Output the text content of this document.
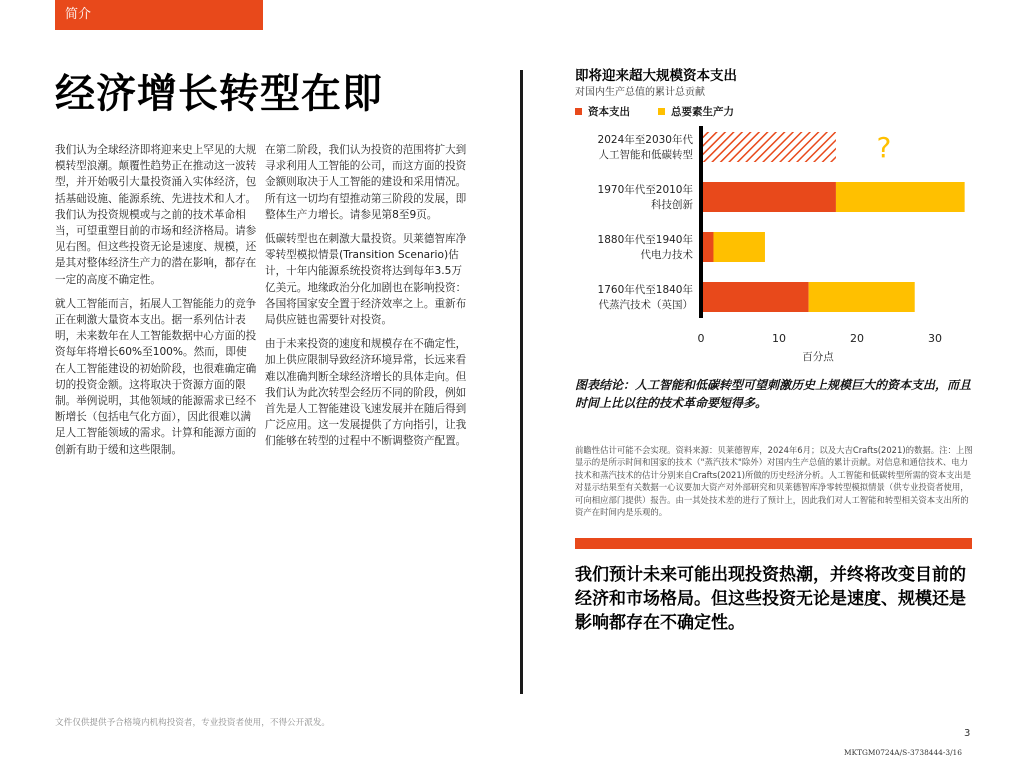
简介
经济增长转型在即

我们认为全球经济即将迎来史上罕见的大规模转型浪潮。颠覆性趋势正在推动这一波转型，并开始吸引大量投资涌入实体经济，包括基础设施、能源系统、先进技术和人才。我们认为投资规模或与之前的技术革命相当，可望重塑目前的市场和经济格局。请参见右图。但这些投资无论是速度、规模，还是其对整体经济生产力的潜在影响，都存在一定的高度不确定性。

就人工智能而言，拓展人工智能能力的竞争正在刺激大量资本支出。据一系列估计表明，未来数年在人工智能数据中心方面的投资每年将增长60%至100%。然而，即使在人工智能建设的初始阶段，也很难确定确切的投资金额。这将取决于资源方面的限制。举例说明，其他领域的能源需求已经不断增长（包括电气化方面），因此很难以满足人工智能领域的需求。计算和能源方面的创新有助于缓和这些限制。

在第二阶段，我们认为投资的范围将扩大到寻求利用人工智能的公司，而这方面的投资金额则取决于人工智能的建设和采用情况。所有这一切均有望推动第三阶段的发展，即整体生产力增长。请参见第8至9页。

低碳转型也在刺激大量投资。贝莱德智库净零转型模拟情景(Transition Scenario)估计，十年内能源系统投资将达到每年3.5万亿美元。地缘政治分化加剧也在影响投资：各国将国家安全置于经济效率之上。重新布局供应链也需要针对投资。

由于未来投资的速度和规模存在不确定性，加上供应限制导致经济环境异常，长远来看难以准确判断全球经济增长的具体走向。但我们认为此次转型会经历不同的阶段，例如首先是人工智能建设飞速发展并在随后得到广泛应用。这一发展提供了方向指引，让我们能够在转型的过程中不断调整资产配置。

即将迎来超大规模资本支出
对国内生产总值的累计总贡献
资本支出	总要素生产力
2024年至2030年代
人工智能和低碳转型	?
1970年代至2010年
科技创新
1880年代至1940年
代电力技术
1760年代至1840年
代蒸汽技术（英国）
0	10	20	30
百分点
图表结论：人工智能和低碳转型可望刺激历史上规模巨大的资本支出，而且时间上比以往的技术革命要短得多。
前瞻性估计可能不会实现。资料来源：贝莱德智库，2024年6月；以及大吉Crafts(2021)的数据。注：上图显示的是所示时间和国家的技术（"蒸汽技术"除外）对国内生产总值的累计贡献。对信息和通信技术、电力技术和蒸汽技术的估计分别来自Crafts(2021)所做的历史经济分析。人工智能和低碳转型所需的资本支出是对显示结果至有关数据一心议要加大资产对外部研究和贝莱德智库净零转型模拟情景（供专业投资者使用，可向相应部门提供）报告。由一其处技术差的进行了预计上，因此我们对人工智能和转型相关资本支出所的资产在时间内是乐观的。
我们预计未来可能出现投资热潮，并终将改变目前的经济和市场格局。但这些投资无论是速度、规模还是影响都存在不确定性。
文件仅供提供予合格境内机构投资者，专业投资者使用，不得公开派发。
3
MKTGM0724A/S-3738444-3/16
